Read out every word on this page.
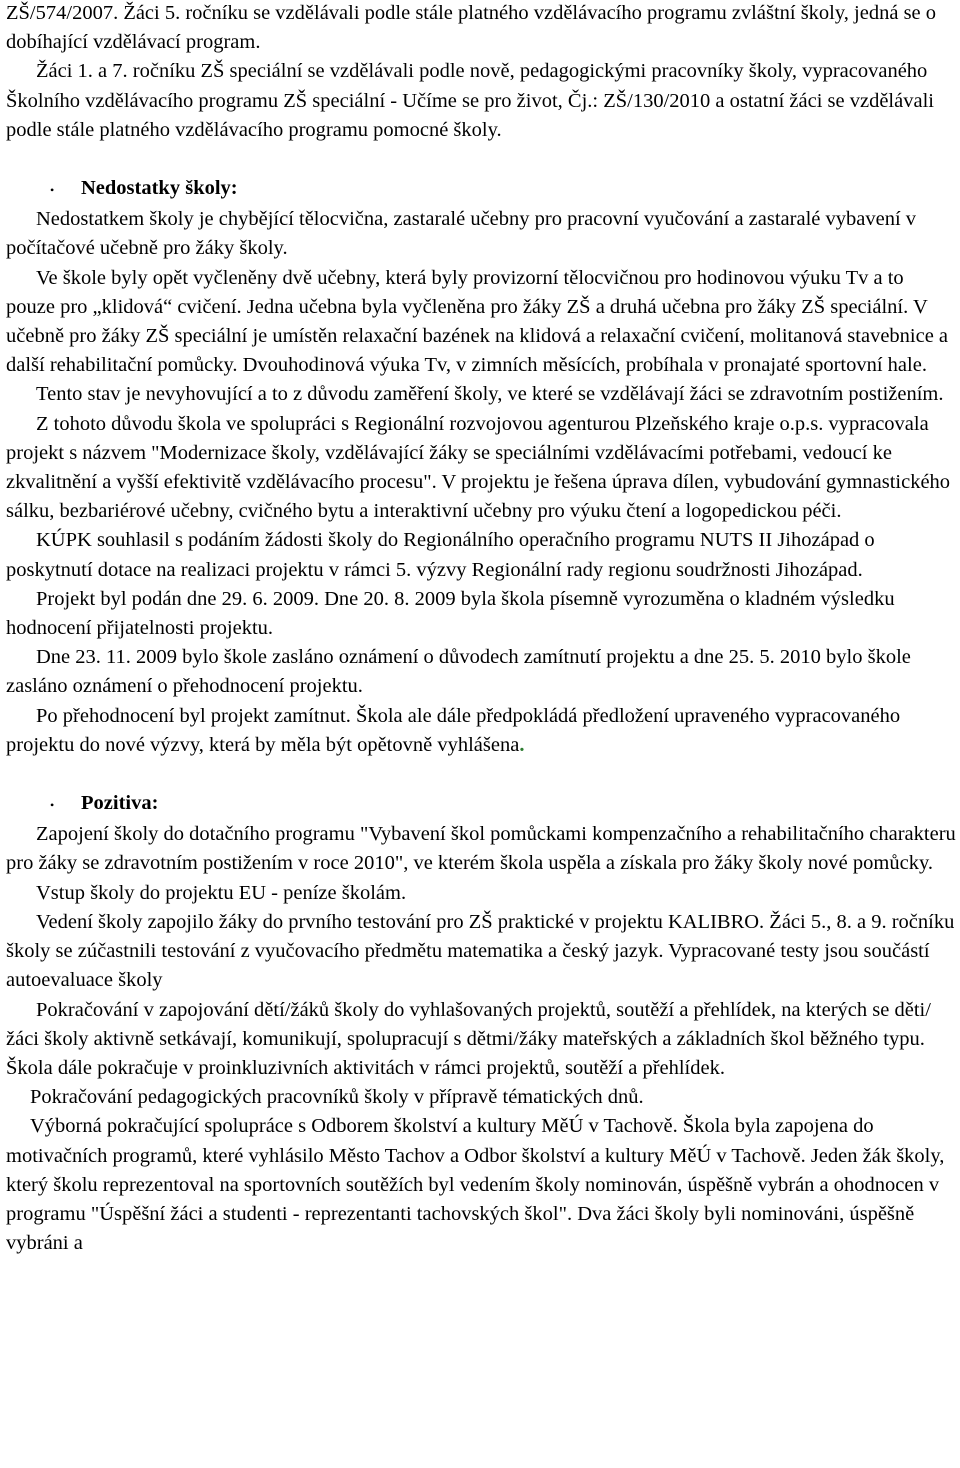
ZŠ/574/2007. Žáci 5. ročníku se vzdělávali podle stále platného vzdělávacího programu zvláštní školy, jedná se o dobíhající vzdělávací program.

Žáci 1. a 7. ročníku ZŠ speciální se vzdělávali podle nově, pedagogickými pracovníky školy, vypracovaného Školního vzdělávacího programu ZŠ speciální - Učíme se pro život, Čj.: ZŠ/130/2010 a ostatní žáci se vzdělávali podle stále platného vzdělávacího programu pomocné školy.

•	Nedostatky školy:

Nedostatkem školy je chybějící tělocvična, zastaralé učebny pro pracovní vyučování a zastaralé vybavení v počítačové učebně pro žáky školy.

Ve škole byly opět vyčleněny dvě učebny, která byly provizorní tělocvičnou pro hodinovou výuku Tv a to pouze pro „klidová“ cvičení. Jedna učebna byla vyčleněna pro žáky ZŠ a druhá učebna pro žáky ZŠ speciální. V učebně pro žáky ZŠ speciální je umístěn relaxační bazének na klidová a relaxační cvičení, molitanová stavebnice a další rehabilitační pomůcky. Dvouhodinová výuka Tv, v zimních měsících, probíhala v pronajaté sportovní hale.

Tento stav je nevyhovující a to z důvodu zaměření školy, ve které se vzdělávají žáci se zdravotním postižením.

Z tohoto důvodu škola ve spolupráci s Regionální rozvojovou agenturou Plzeňského kraje o.p.s. vypracovala projekt s názvem "Modernizace školy, vzdělávající žáky se speciálními vzdělávacími potřebami, vedoucí ke zkvalitnění a vyšší efektivitě vzdělávacího procesu". V projektu je řešena úprava dílen, vybudování gymnastického sálku, bezbariérové učebny, cvičného bytu a interaktivní učebny pro výuku čtení a logopedickou péči.

KÚPK souhlasil s podáním žádosti školy do Regionálního operačního programu NUTS II Jihozápad o poskytnutí dotace na realizaci projektu v rámci 5. výzvy Regionální rady regionu soudržnosti Jihozápad.

Projekt byl podán dne 29. 6. 2009. Dne 20. 8. 2009 byla škola písemně vyrozuměna o kladném výsledku hodnocení přijatelnosti projektu.

Dne 23. 11. 2009 bylo škole zasláno oznámení o důvodech zamítnutí projektu a dne 25. 5. 2010 bylo škole zasláno oznámení o přehodnocení projektu.

Po přehodnocení byl projekt zamítnut. Škola ale dále předpokládá předložení upraveného vypracovaného projektu do nové výzvy, která by měla být opětovně vyhlášena.

•	Pozitiva:

Zapojení školy do dotačního programu "Vybavení škol pomůckami kompenzačního a rehabilitačního charakteru pro žáky se zdravotním postižením v roce 2010", ve kterém škola uspěla a získala pro žáky školy nové pomůcky.

Vstup školy do projektu EU - peníze školám.

Vedení školy zapojilo žáky do prvního testování pro ZŠ praktické v projektu KALIBRO. Žáci 5., 8. a 9. ročníku školy se zúčastnili testování z vyučovacího předmětu matematika a český jazyk. Vypracované testy jsou součástí autoevaluace školy

Pokračování v zapojování dětí/žáků školy do vyhlašovaných projektů, soutěží a přehlídek, na kterých se děti/žáci školy aktivně setkávají, komunikují, spolupracují s dětmi/žáky mateřských a základních škol běžného typu. Škola dále pokračuje v proinkluzivních aktivitách v rámci projektů, soutěží a přehlídek.

Pokračování pedagogických pracovníků školy v přípravě tématických dnů.

Výborná pokračující spolupráce s Odborem školství a kultury MěÚ v Tachově. Škola byla zapojena do motivačních programů, které vyhlásilo Město Tachov a Odbor školství a kultury MěÚ v Tachově. Jeden žák školy, který školu reprezentoval na sportovních soutěžích byl vedením školy nominován, úspěšně vybrán a ohodnocen v programu "Úspěšní žáci a studenti - reprezentanti tachovských škol". Dva žáci školy byli nominováni, úspěšně vybráni a
